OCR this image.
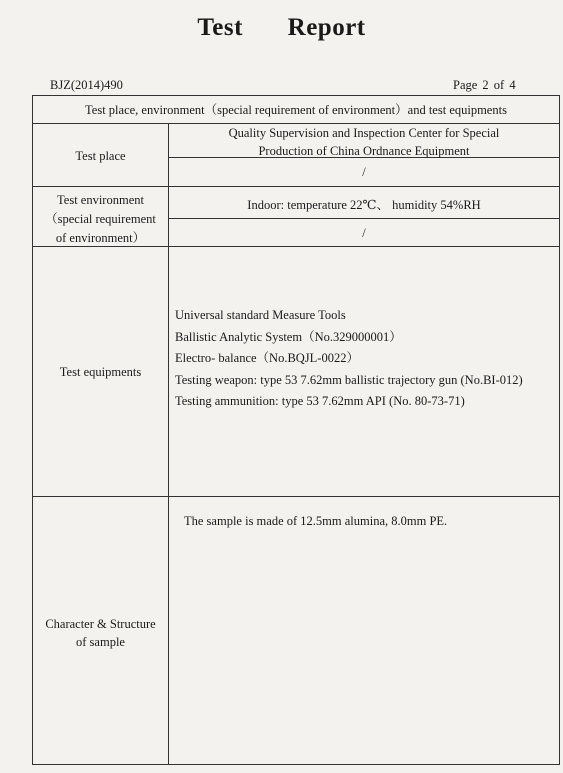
Test Report
BJZ(2014)490	Page 2 of 4
Test place, environment（special requirement of environment）and test equipments
Test place
Quality Supervision and Inspection Center for Special
Production of China Ordnance Equipment
/
Test environment
（special requirement
of environment）
Indoor: temperature 22℃、 humidity 54%RH
/
Test equipments
Universal standard Measure Tools
Ballistic Analytic System（No.329000001）
Electro- balance（No.BQJL-0022）
Testing weapon: type 53 7.62mm ballistic trajectory gun (No.BI-012)
Testing ammunition: type 53 7.62mm API (No. 80-73-71)
Character & Structure
of sample
The sample is made of 12.5mm alumina, 8.0mm PE.
